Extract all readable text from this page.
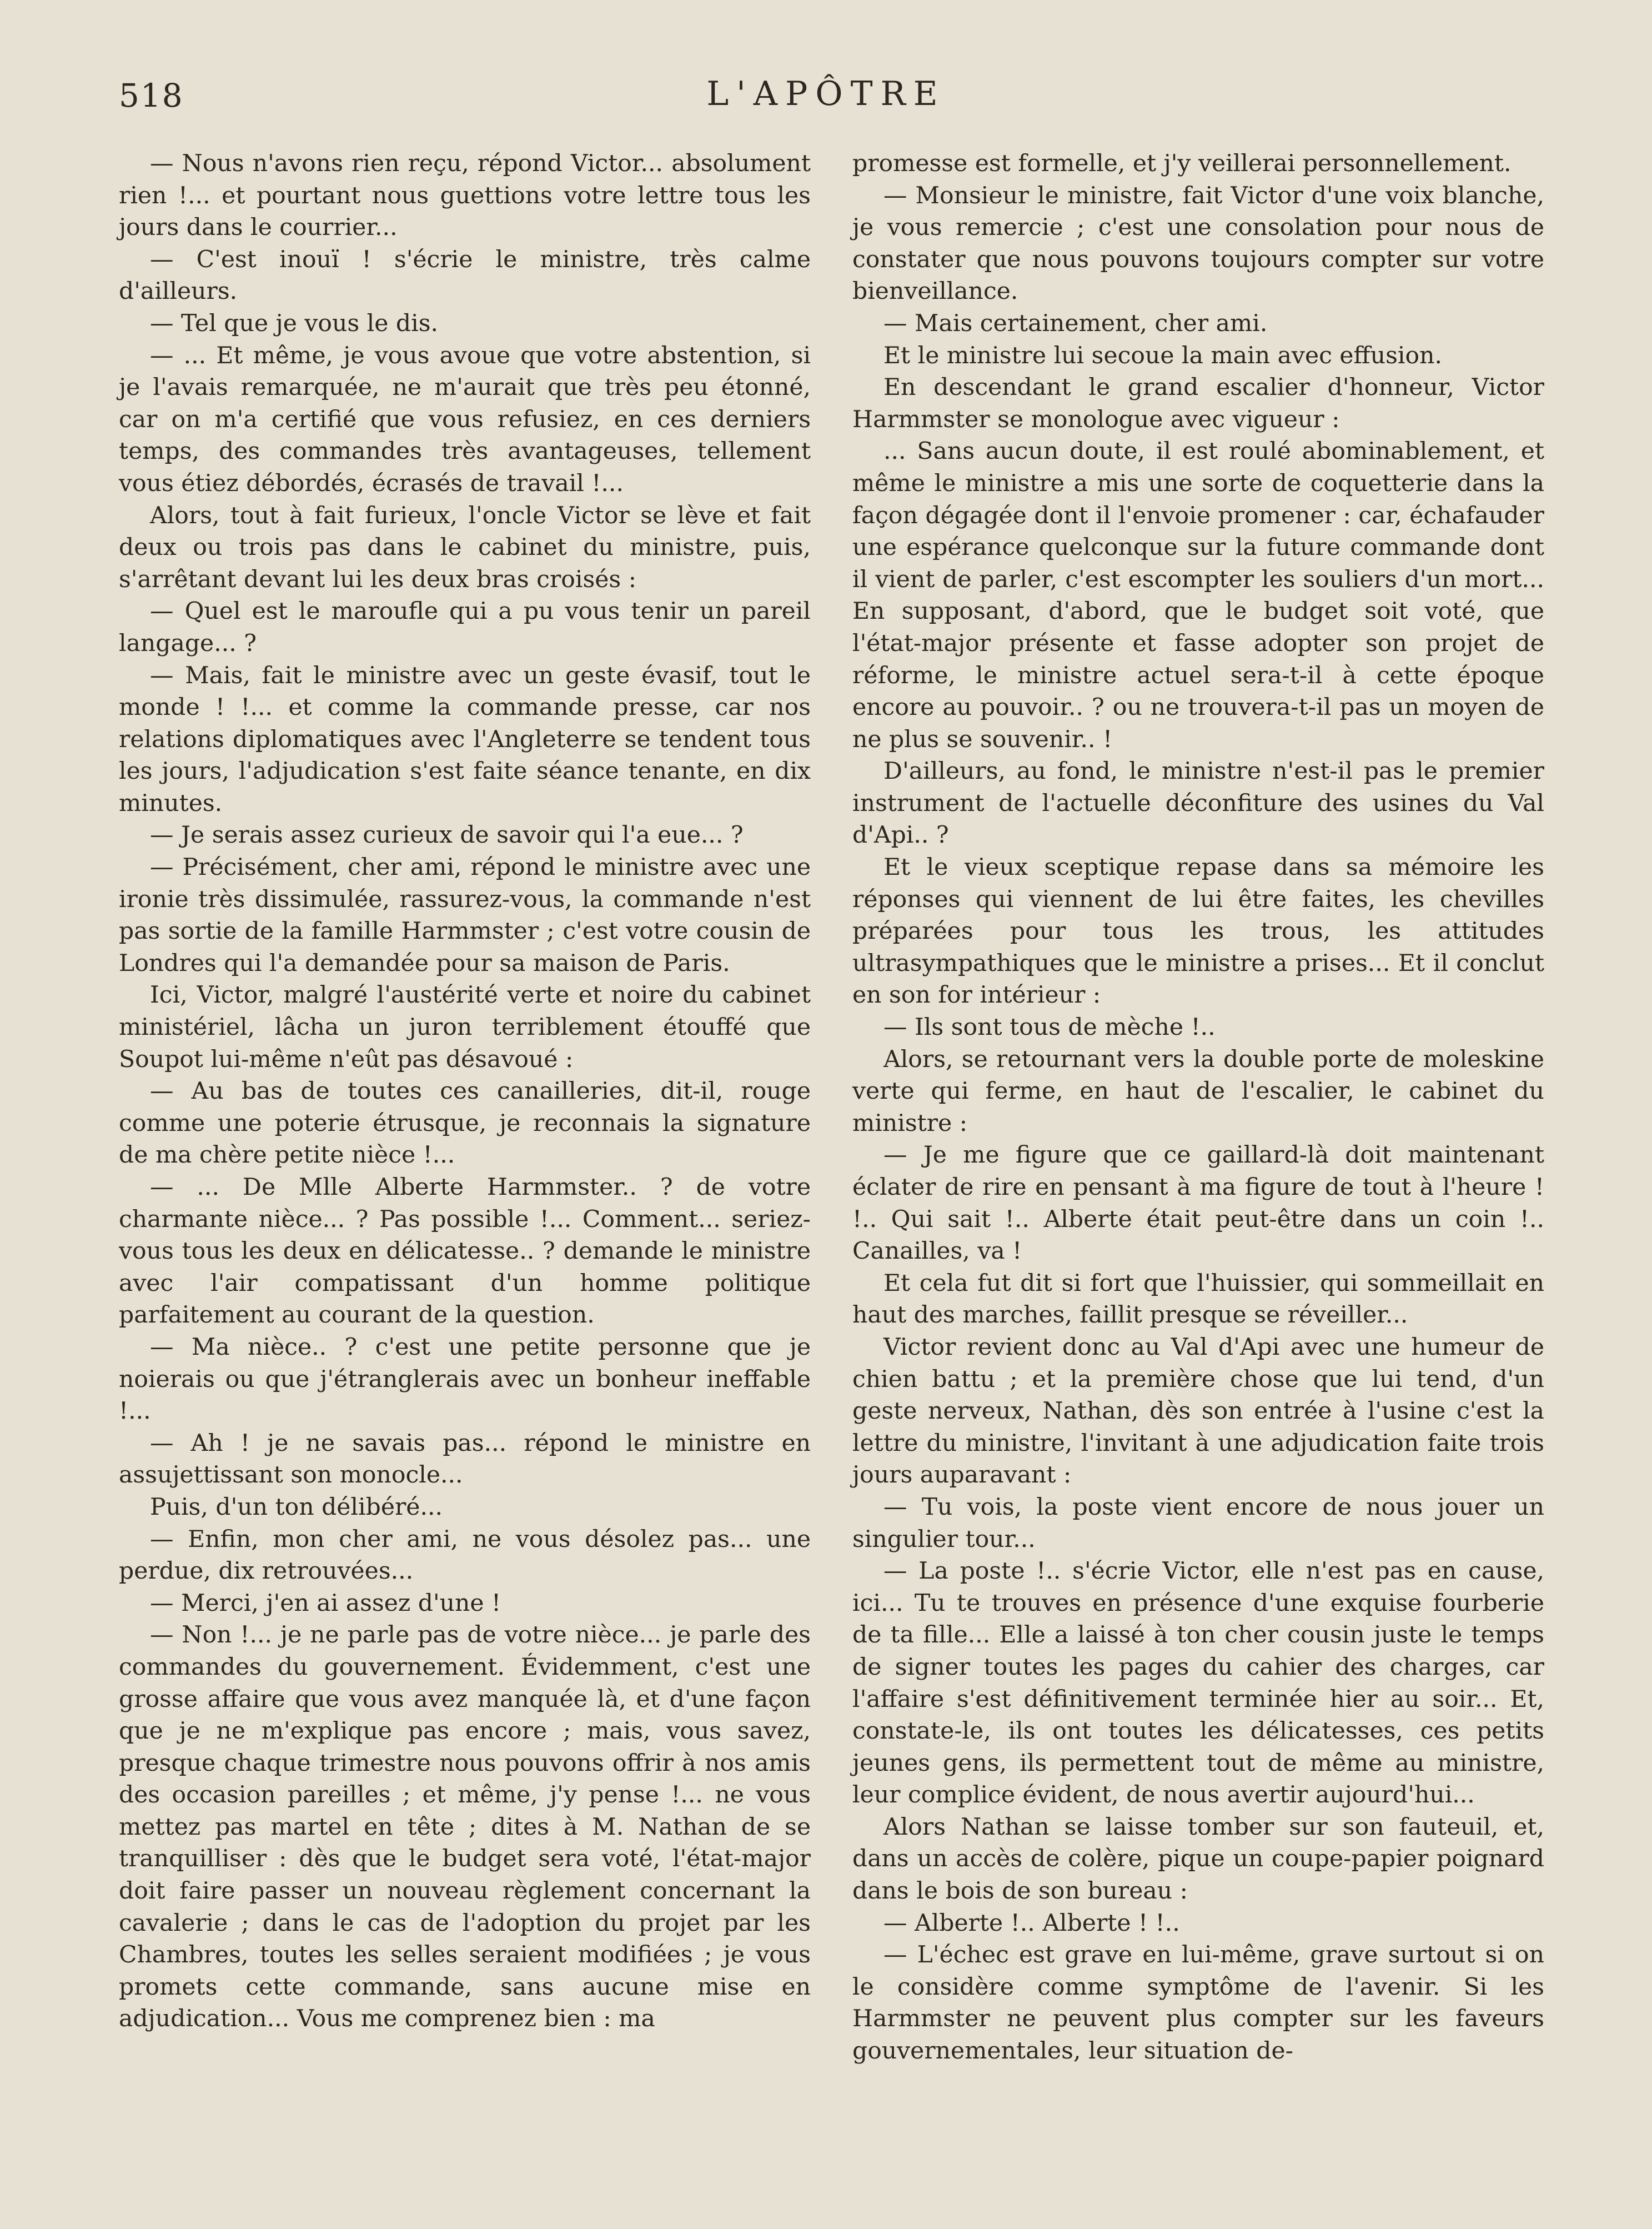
518	L'APÔTRE

— Nous n'avons rien reçu, répond Victor... absolument rien !... et pourtant nous guettions votre lettre tous les jours dans le courrier...

— C'est inouï ! s'écrie le ministre, très calme d'ailleurs.

— Tel que je vous le dis.

— ... Et même, je vous avoue que votre abstention, si je l'avais remarquée, ne m'aurait que très peu étonné, car on m'a certifié que vous refusiez, en ces derniers temps, des commandes très avantageuses, tellement vous étiez débordés, écrasés de travail !...

Alors, tout à fait furieux, l'oncle Victor se lève et fait deux ou trois pas dans le cabinet du ministre, puis, s'arrêtant devant lui les deux bras croisés :

— Quel est le maroufle qui a pu vous tenir un pareil langage... ?

— Mais, fait le ministre avec un geste évasif, tout le monde ! !... et comme la commande presse, car nos relations diplomatiques avec l'Angleterre se tendent tous les jours, l'adjudication s'est faite séance tenante, en dix minutes.

— Je serais assez curieux de savoir qui l'a eue... ?

— Précisément, cher ami, répond le ministre avec une ironie très dissimulée, rassurez-vous, la commande n'est pas sortie de la famille Harmmster ; c'est votre cousin de Londres qui l'a demandée pour sa maison de Paris.

Ici, Victor, malgré l'austérité verte et noire du cabinet ministériel, lâcha un juron terriblement étouffé que Soupot lui-même n'eût pas désavoué :

— Au bas de toutes ces canailleries, dit-il, rouge comme une poterie étrusque, je reconnais la signature de ma chère petite nièce !...

— ... De Mlle Alberte Harmmster.. ? de votre charmante nièce... ? Pas possible !... Comment... seriez-vous tous les deux en délicatesse.. ? demande le ministre avec l'air compatissant d'un homme politique parfaitement au courant de la question.

— Ma nièce.. ? c'est une petite personne que je noierais ou que j'étranglerais avec un bonheur ineffable !...

— Ah ! je ne savais pas... répond le ministre en assujettissant son monocle...

Puis, d'un ton délibéré...

— Enfin, mon cher ami, ne vous désolez pas... une perdue, dix retrouvées...

— Merci, j'en ai assez d'une !

— Non !... je ne parle pas de votre nièce... je parle des commandes du gouvernement. Évidemment, c'est une grosse affaire que vous avez manquée là, et d'une façon que je ne m'explique pas encore ; mais, vous savez, presque chaque trimestre nous pouvons offrir à nos amis des occasion pareilles ; et même, j'y pense !... ne vous mettez pas martel en tête ; dites à M. Nathan de se tranquilliser : dès que le budget sera voté, l'état-major doit faire passer un nouveau règlement concernant la cavalerie ; dans le cas de l'adoption du projet par les Chambres, toutes les selles seraient modifiées ; je vous promets cette commande, sans aucune mise en adjudication... Vous me comprenez bien : ma

promesse est formelle, et j'y veillerai personnellement.

— Monsieur le ministre, fait Victor d'une voix blanche, je vous remercie ; c'est une consolation pour nous de constater que nous pouvons toujours compter sur votre bienveillance.

— Mais certainement, cher ami.

Et le ministre lui secoue la main avec effusion.

En descendant le grand escalier d'honneur, Victor Harmmster se monologue avec vigueur :

... Sans aucun doute, il est roulé abominablement, et même le ministre a mis une sorte de coquetterie dans la façon dégagée dont il l'envoie promener : car, échafauder une espérance quelconque sur la future commande dont il vient de parler, c'est escompter les souliers d'un mort... En supposant, d'abord, que le budget soit voté, que l'état-major présente et fasse adopter son projet de réforme, le ministre actuel sera-t-il à cette époque encore au pouvoir.. ? ou ne trouvera-t-il pas un moyen de ne plus se souvenir.. !

D'ailleurs, au fond, le ministre n'est-il pas le premier instrument de l'actuelle déconfiture des usines du Val d'Api.. ?

Et le vieux sceptique repase dans sa mémoire les réponses qui viennent de lui être faites, les chevilles préparées pour tous les trous, les attitudes ultrasympathiques que le ministre a prises... Et il conclut en son for intérieur :

— Ils sont tous de mèche !..

Alors, se retournant vers la double porte de moleskine verte qui ferme, en haut de l'escalier, le cabinet du ministre :

— Je me figure que ce gaillard-là doit maintenant éclater de rire en pensant à ma figure de tout à l'heure ! !.. Qui sait !.. Alberte était peut-être dans un coin !.. Canailles, va !

Et cela fut dit si fort que l'huissier, qui sommeillait en haut des marches, faillit presque se réveiller...

Victor revient donc au Val d'Api avec une humeur de chien battu ; et la première chose que lui tend, d'un geste nerveux, Nathan, dès son entrée à l'usine c'est la lettre du ministre, l'invitant à une adjudication faite trois jours auparavant :

— Tu vois, la poste vient encore de nous jouer un singulier tour...

— La poste !.. s'écrie Victor, elle n'est pas en cause, ici... Tu te trouves en présence d'une exquise fourberie de ta fille... Elle a laissé à ton cher cousin juste le temps de signer toutes les pages du cahier des charges, car l'affaire s'est définitivement terminée hier au soir... Et, constate-le, ils ont toutes les délicatesses, ces petits jeunes gens, ils permettent tout de même au ministre, leur complice évident, de nous avertir aujourd'hui...

Alors Nathan se laisse tomber sur son fauteuil, et, dans un accès de colère, pique un coupe-papier poignard dans le bois de son bureau :

— Alberte !.. Alberte ! !..

— L'échec est grave en lui-même, grave surtout si on le considère comme symptôme de l'avenir. Si les Harmmster ne peuvent plus compter sur les faveurs gouvernementales, leur situation de-
